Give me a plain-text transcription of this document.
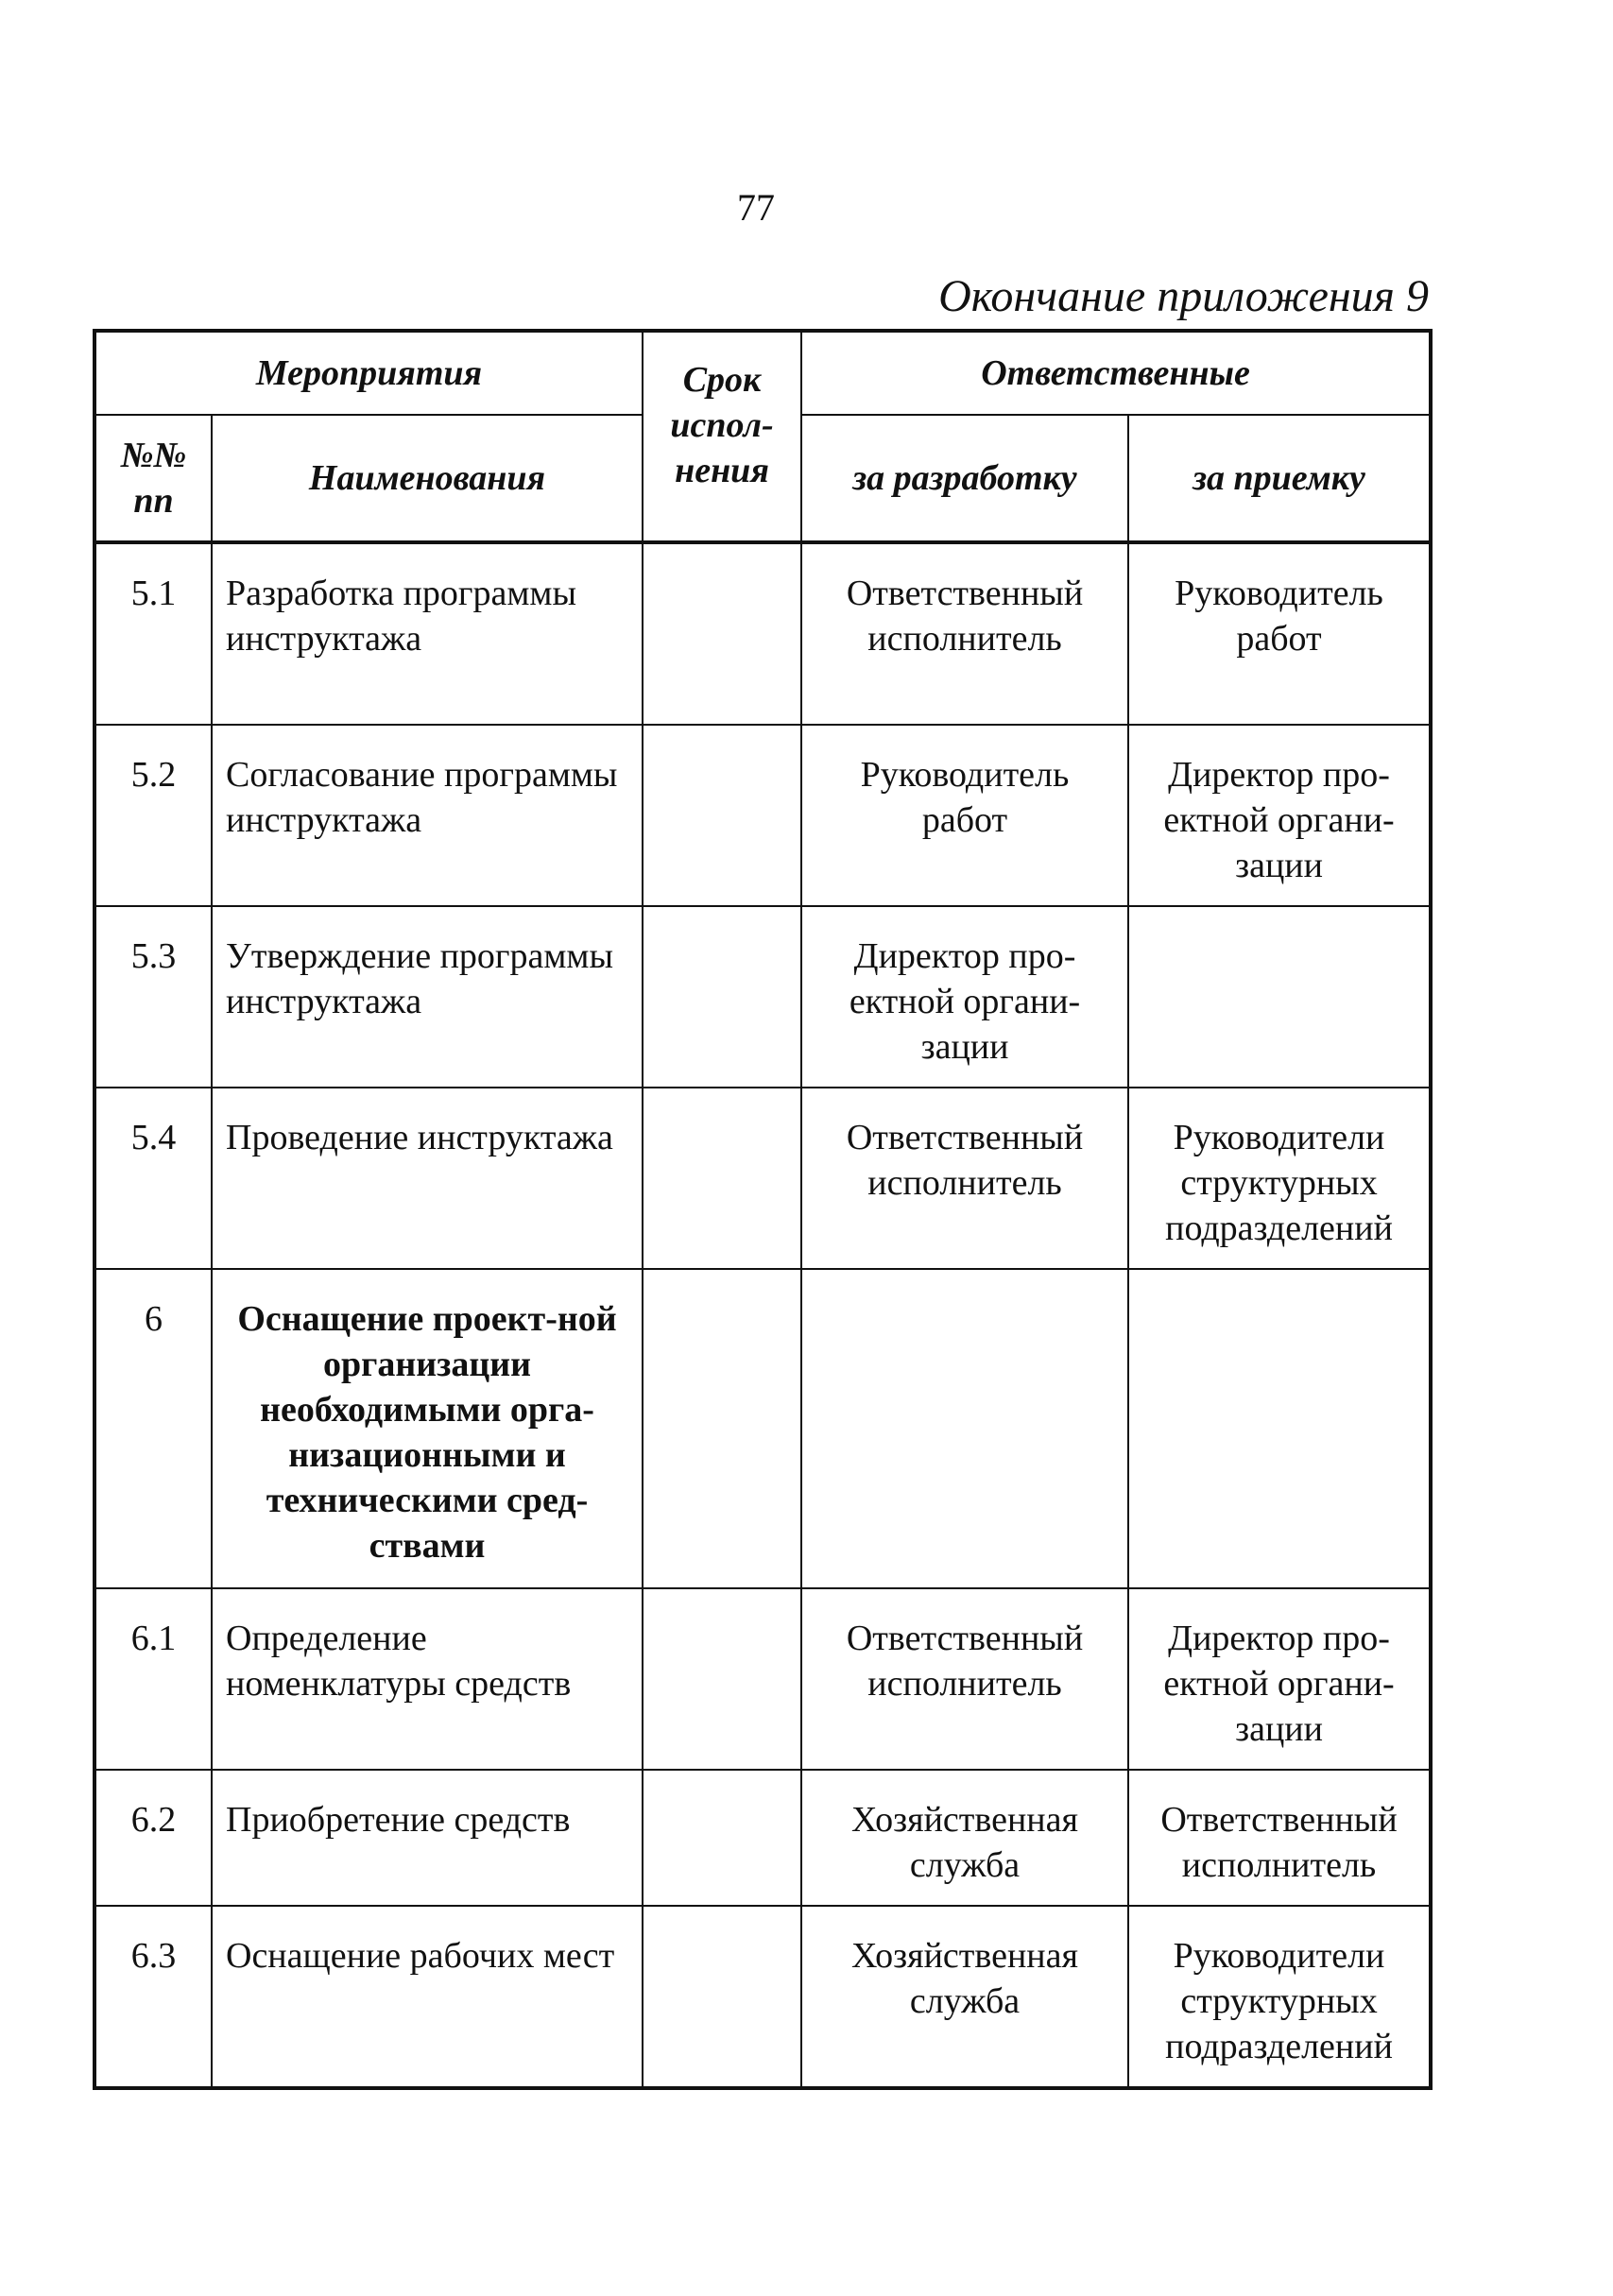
77
Окончание приложения 9
Мероприятия		Срок испол-нения	Ответственные	
№№ пп	Наименования		за разработку	за приемку
5.1	Разработка программы инструктажа		Ответственный исполнитель	Руководитель работ
5.2	Согласование программы инструктажа		Руководитель работ	Директор про-ектной органи-зации
5.3	Утверждение программы инструктажа		Директор про-ектной органи-зации	
5.4	Проведение инструктажа		Ответственный исполнитель	Руководители структурных подразделений
6	Оснащение проект-ной организации необходимыми орга-низационными и техническими сред-ствами			
6.1	Определение номенклатуры средств		Ответственный исполнитель	Директор про-ектной органи-зации
6.2	Приобретение средств		Хозяйственная служба	Ответственный исполнитель
6.3	Оснащение рабочих мест		Хозяйственная служба	Руководители структурных подразделений
